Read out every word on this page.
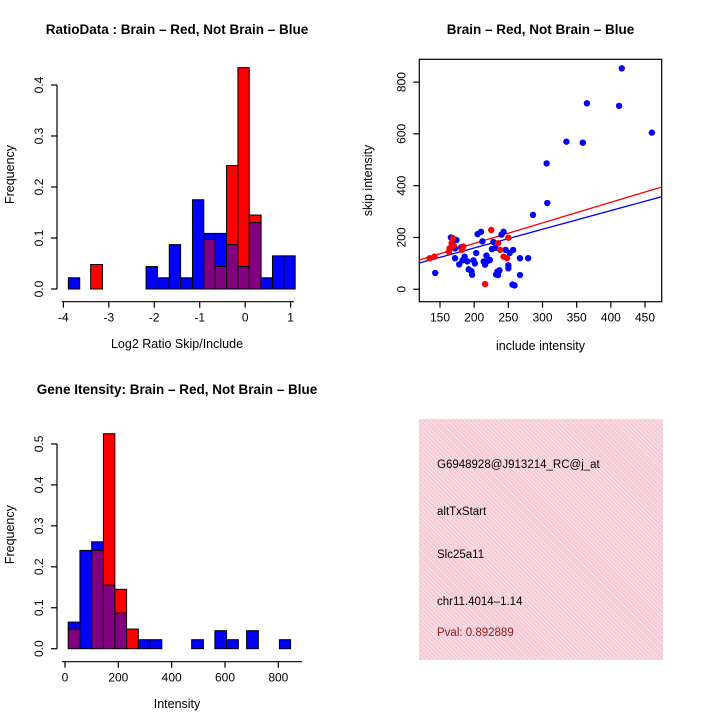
RatioData : Brain – Red, Not Brain – Blue
Log2 Ratio Skip/Include
Frequency
-4	-3	-2	-1	0	1
0.0
0.1
0.2
0.3
0.4
Brain – Red, Not Brain – Blue
include intensity
skip intensity
150 200 250 300 350 400 450
0
200
400
600
800
Gene Itensity: Brain – Red, Not Brain – Blue
Intensity
Frequency
0	200	400	600	800
0.0
0.1
0.2
0.3
0.4
0.5
G6948928@J913214_RC@j_at
altTxStart
Slc25a11
chr11.4014–1.14
Pval: 0.892889
